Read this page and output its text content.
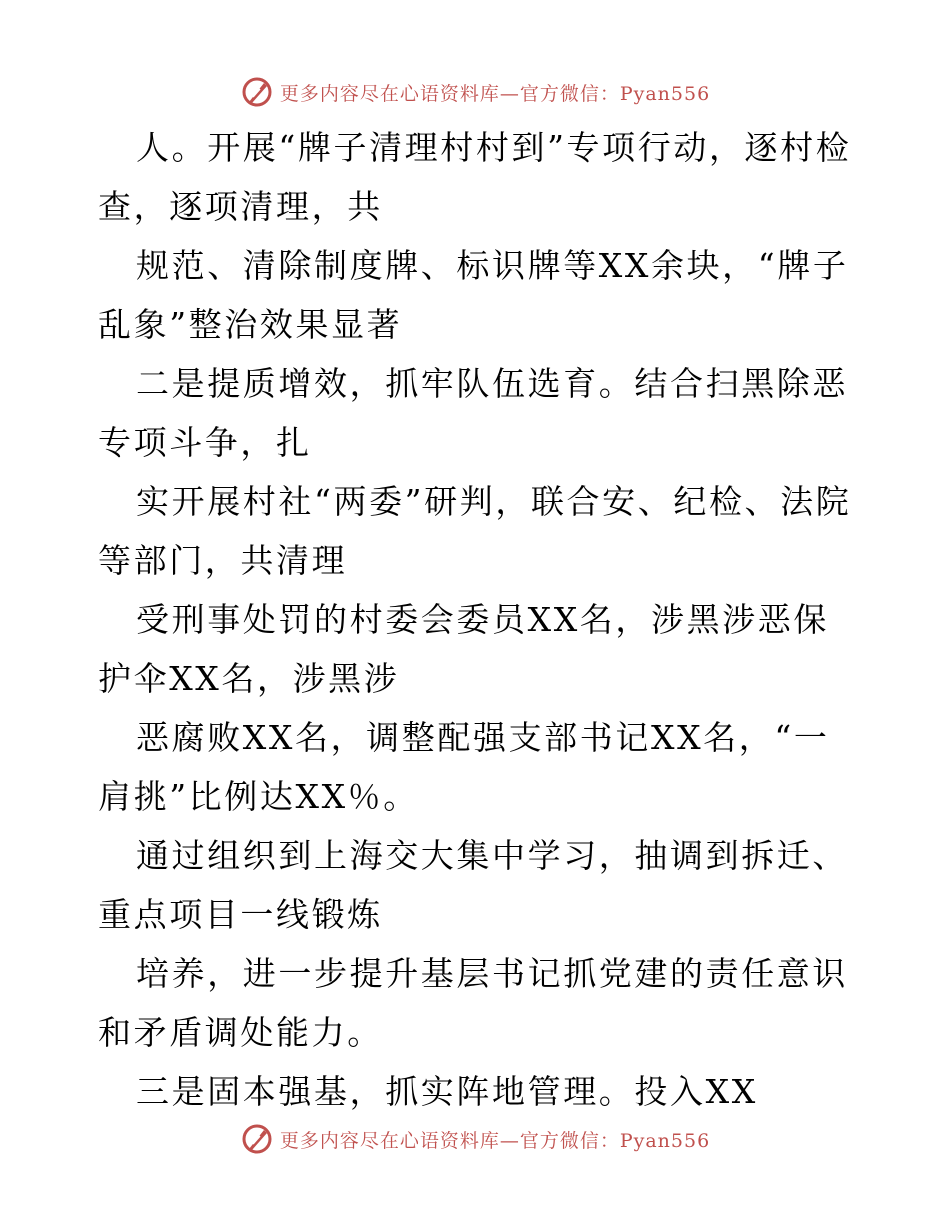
更多内容尽在心语资料库—官方微信：Pyan556

人。开展“牌子清理村村到”专项行动，逐村检查，逐项清理，共

规范、清除制度牌、标识牌等XX余块，“牌子乱象”整治效果显著

二是提质增效，抓牢队伍选育。结合扫黑除恶专项斗争，扎

实开展村社“两委”研判，联合安、纪检、法院等部门，共清理

受刑事处罚的村委会委员XX名，涉黑涉恶保护伞XX名，涉黑涉

恶腐败XX名，调整配强支部书记XX名，“一肩挑”比例达XX％。

通过组织到上海交大集中学习，抽调到拆迁、重点项目一线锻炼

培养，进一步提升基层书记抓党建的责任意识和矛盾调处能力。

三是固本强基，抓实阵地管理。投入XX

更多内容尽在心语资料库—官方微信：Pyan556
